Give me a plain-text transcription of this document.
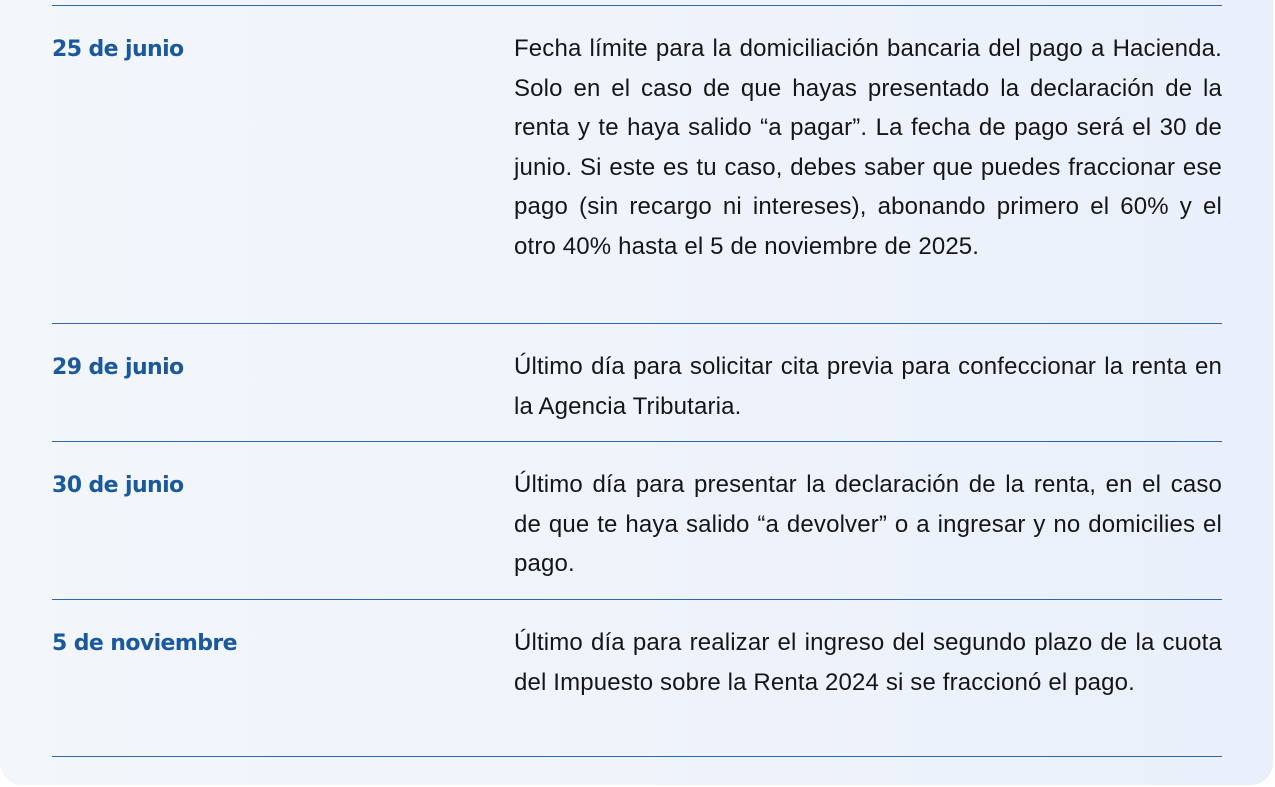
25 de junio	Fecha límite para la domiciliación bancaria del pago a Hacienda. Solo en el caso de que hayas presentado la declaración de la renta y te haya salido “a pagar”. La fecha de pago será el 30 de junio. Si este es tu caso, debes saber que puedes fraccionar ese pago (sin recargo ni intereses), abonando primero el 60% y el otro 40% hasta el 5 de noviembre de 2025.
29 de junio	Último día para solicitar cita previa para confeccionar la renta en la Agencia Tributaria.
30 de junio	Último día para presentar la declaración de la renta, en el caso de que te haya salido “a devolver” o a ingresar y no domicilies el pago.
5 de noviembre	Último día para realizar el ingreso del segundo plazo de la cuota del Impuesto sobre la Renta 2024 si se fraccionó el pago.
